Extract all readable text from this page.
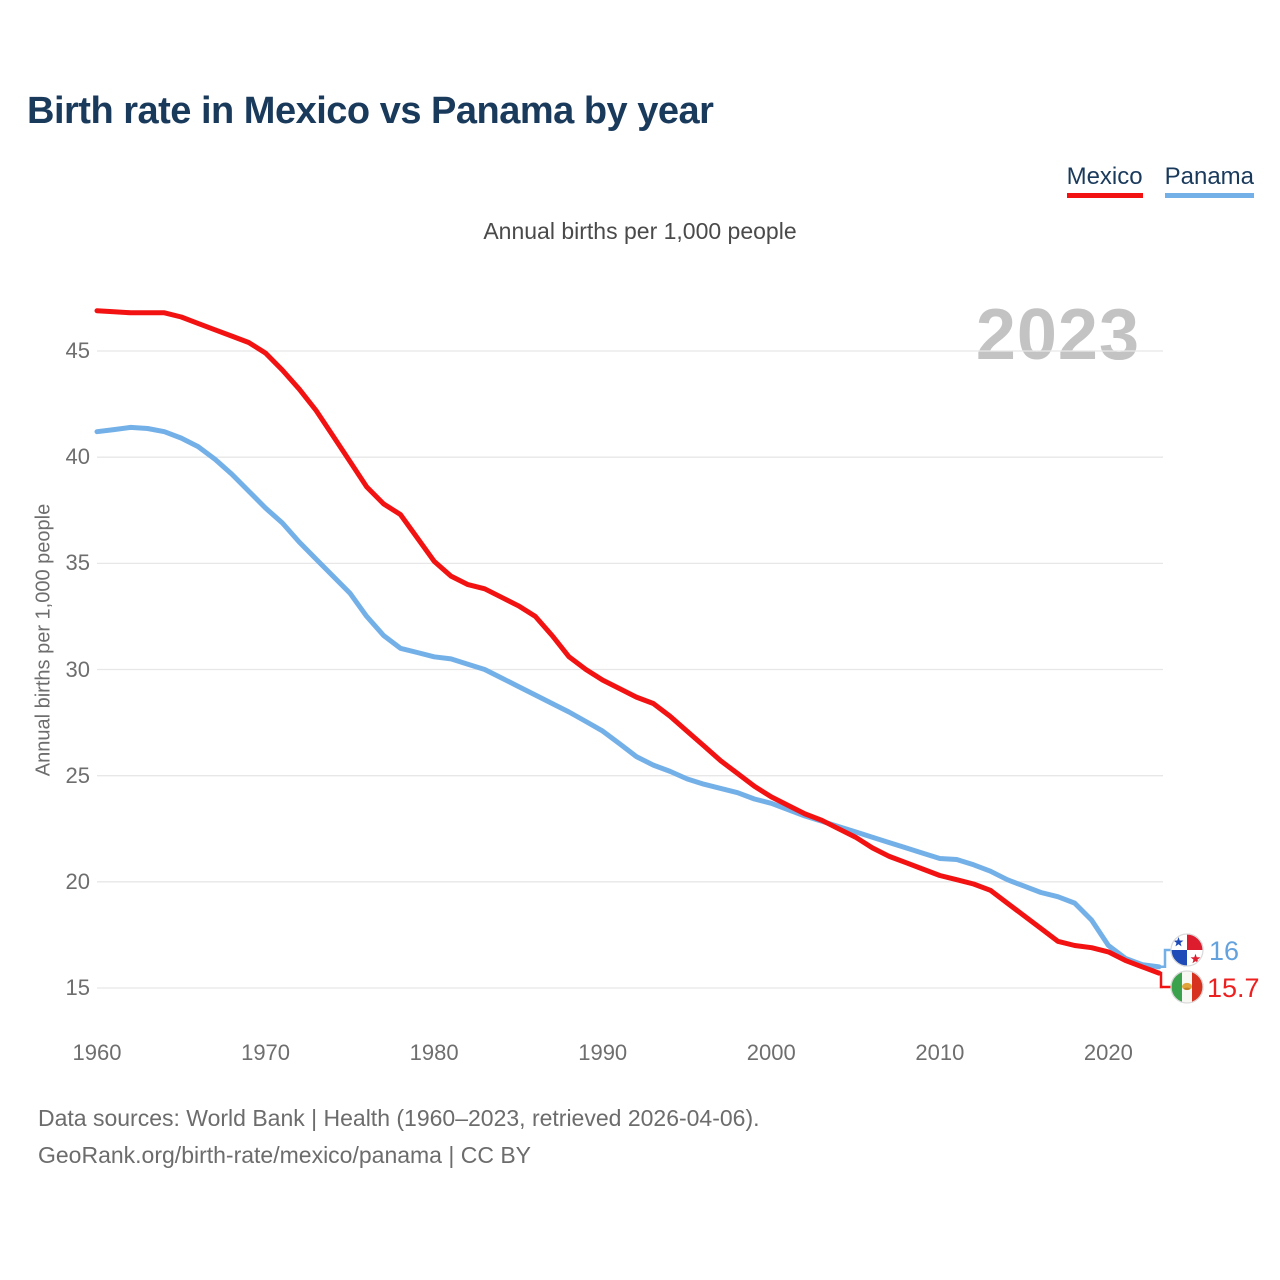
Birth rate in Mexico vs Panama by year
Mexico Panama
Annual births per 1,000 people
2023
Annual births per 1,000 people
45
40
35
30
25
20
15
1960	1970	1980	1990	2000	2010	2020
16
15.7
Data sources: World Bank | Health (1960–2023, retrieved 2026-04-06).
GeoRank.org/birth-rate/mexico/panama | CC BY
